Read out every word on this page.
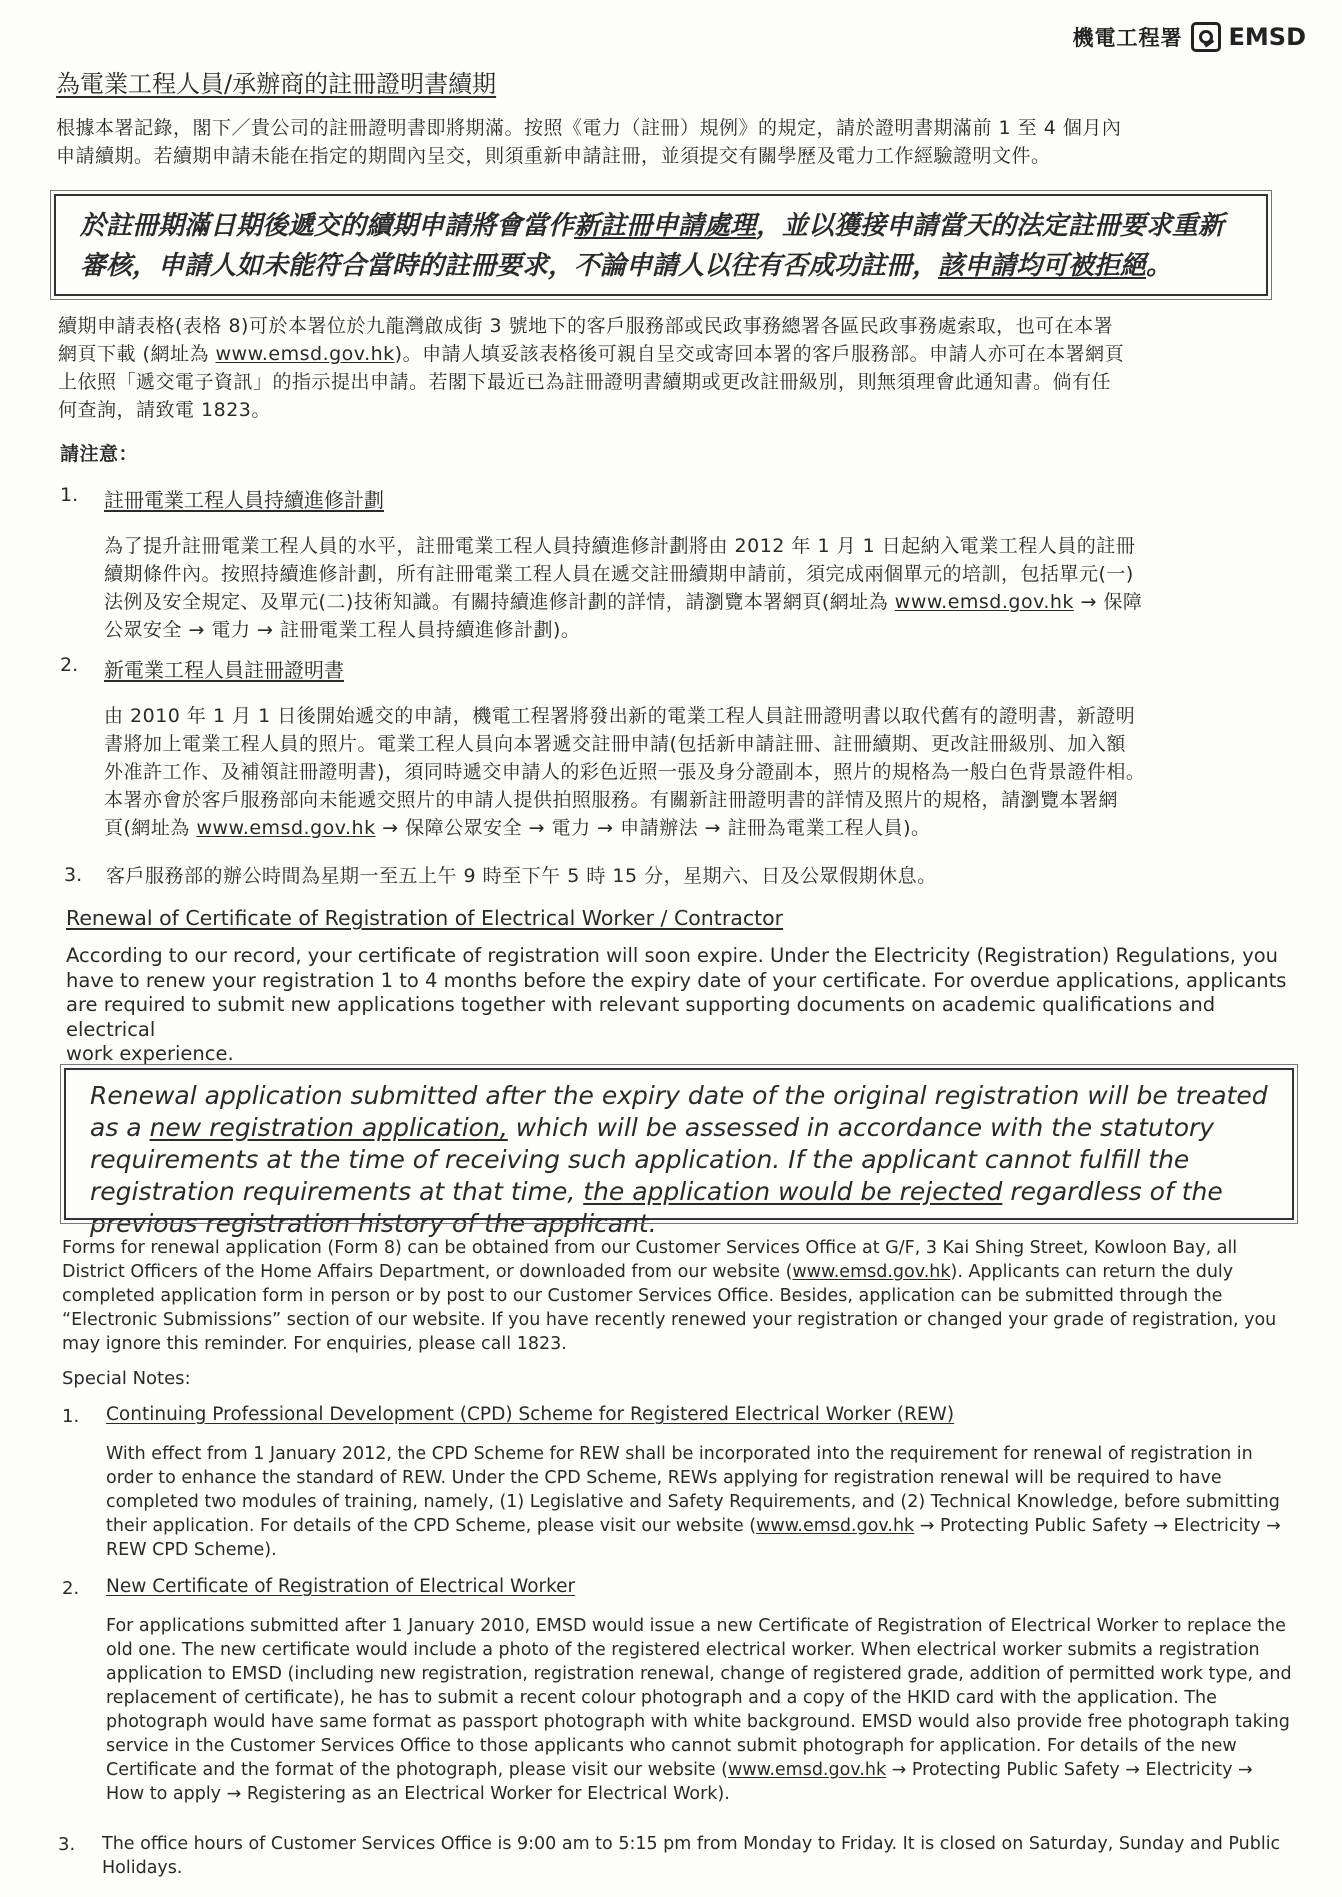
機電工程署 EMSD
為電業工程人員/承辦商的註冊證明書續期
根據本署記錄，閣下／貴公司的註冊證明書即將期滿。按照《電力（註冊）規例》的規定，請於證明書期滿前 1 至 4 個月內
申請續期。若續期申請未能在指定的期間內呈交，則須重新申請註冊，並須提交有關學歷及電力工作經驗證明文件。
於註冊期滿日期後遞交的續期申請將會當作新註冊申請處理，並以獲接申請當天的法定註冊要求重新審核，申請人如未能符合當時的註冊要求，不論申請人以往有否成功註冊，該申請均可被拒絕。
續期申請表格(表格 8)可於本署位於九龍灣啟成街 3 號地下的客戶服務部或民政事務總署各區民政事務處索取，也可在本署
網頁下載 (網址為 www.emsd.gov.hk)。申請人填妥該表格後可親自呈交或寄回本署的客戶服務部。申請人亦可在本署網頁
上依照「遞交電子資訊」的指示提出申請。若閣下最近已為註冊證明書續期或更改註冊級別，則無須理會此通知書。倘有任
何查詢，請致電 1823。
請注意：
1. 註冊電業工程人員持續進修計劃
為了提升註冊電業工程人員的水平，註冊電業工程人員持續進修計劃將由 2012 年 1 月 1 日起納入電業工程人員的註冊
續期條件內。按照持續進修計劃，所有註冊電業工程人員在遞交註冊續期申請前，須完成兩個單元的培訓，包括單元(一)
法例及安全規定、及單元(二)技術知識。有關持續進修計劃的詳情，請瀏覽本署網頁(網址為 www.emsd.gov.hk → 保障
公眾安全 → 電力 → 註冊電業工程人員持續進修計劃)。
2. 新電業工程人員註冊證明書
由 2010 年 1 月 1 日後開始遞交的申請，機電工程署將發出新的電業工程人員註冊證明書以取代舊有的證明書，新證明
書將加上電業工程人員的照片。電業工程人員向本署遞交註冊申請(包括新申請註冊、註冊續期、更改註冊級別、加入額
外准許工作、及補領註冊證明書)，須同時遞交申請人的彩色近照一張及身分證副本，照片的規格為一般白色背景證件相。
本署亦會於客戶服務部向未能遞交照片的申請人提供拍照服務。有關新註冊證明書的詳情及照片的規格，請瀏覽本署網
頁(網址為 www.emsd.gov.hk → 保障公眾安全 → 電力 → 申請辦法 → 註冊為電業工程人員)。
3. 客戶服務部的辦公時間為星期一至五上午 9 時至下午 5 時 15 分，星期六、日及公眾假期休息。
Renewal of Certificate of Registration of Electrical Worker / Contractor
According to our record, your certificate of registration will soon expire. Under the Electricity (Registration) Regulations, you
have to renew your registration 1 to 4 months before the expiry date of your certificate. For overdue applications, applicants
are required to submit new applications together with relevant supporting documents on academic qualifications and electrical
work experience.
Renewal application submitted after the expiry date of the original registration will be treated as a new registration application, which will be assessed in accordance with the statutory requirements at the time of receiving such application. If the applicant cannot fulfill the registration requirements at that time, the application would be rejected regardless of the previous registration history of the applicant.
Forms for renewal application (Form 8) can be obtained from our Customer Services Office at G/F, 3 Kai Shing Street, Kowloon Bay, all
District Officers of the Home Affairs Department, or downloaded from our website (www.emsd.gov.hk). Applicants can return the duly
completed application form in person or by post to our Customer Services Office. Besides, application can be submitted through the
“Electronic Submissions” section of our website. If you have recently renewed your registration or changed your grade of registration, you
may ignore this reminder. For enquiries, please call 1823.
Special Notes:
1. Continuing Professional Development (CPD) Scheme for Registered Electrical Worker (REW)
With effect from 1 January 2012, the CPD Scheme for REW shall be incorporated into the requirement for renewal of registration in
order to enhance the standard of REW. Under the CPD Scheme, REWs applying for registration renewal will be required to have
completed two modules of training, namely, (1) Legislative and Safety Requirements, and (2) Technical Knowledge, before submitting
their application. For details of the CPD Scheme, please visit our website (www.emsd.gov.hk → Protecting Public Safety → Electricity →
REW CPD Scheme).
2. New Certificate of Registration of Electrical Worker
For applications submitted after 1 January 2010, EMSD would issue a new Certificate of Registration of Electrical Worker to replace the
old one. The new certificate would include a photo of the registered electrical worker. When electrical worker submits a registration
application to EMSD (including new registration, registration renewal, change of registered grade, addition of permitted work type, and
replacement of certificate), he has to submit a recent colour photograph and a copy of the HKID card with the application. The
photograph would have same format as passport photograph with white background. EMSD would also provide free photograph taking
service in the Customer Services Office to those applicants who cannot submit photograph for application. For details of the new
Certificate and the format of the photograph, please visit our website (www.emsd.gov.hk → Protecting Public Safety → Electricity →
How to apply → Registering as an Electrical Worker for Electrical Work).
3. The office hours of Customer Services Office is 9:00 am to 5:15 pm from Monday to Friday. It is closed on Saturday, Sunday and Public
Holidays.
